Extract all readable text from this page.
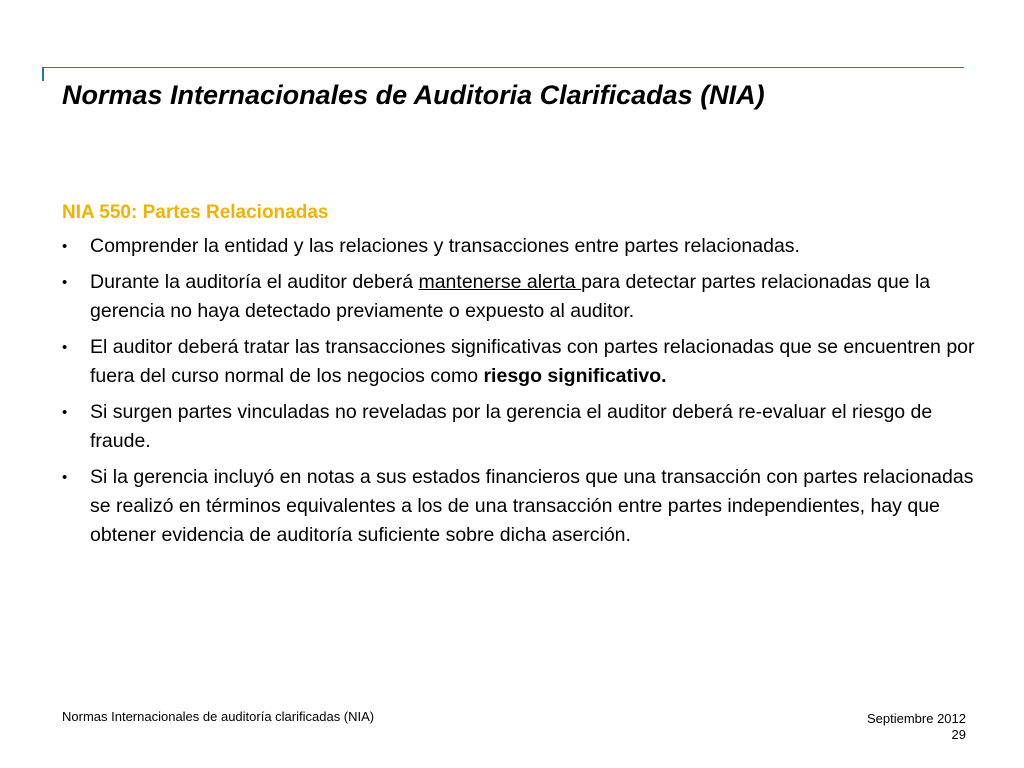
Normas Internacionales de Auditoria Clarificadas (NIA)
NIA 550: Partes Relacionadas
•	Comprender la entidad y las relaciones y transacciones entre partes relacionadas.
•	Durante la auditoría el auditor deberá mantenerse alerta para detectar partes relacionadas que la gerencia no haya detectado previamente o expuesto al auditor.
•	El auditor deberá tratar las transacciones significativas con partes relacionadas que se encuentren por fuera del curso normal de los negocios como riesgo significativo.
•	Si surgen partes vinculadas no reveladas por la gerencia el auditor deberá re-evaluar el riesgo de fraude.
•	Si la gerencia incluyó en notas a sus estados financieros que una transacción con partes relacionadas se realizó en términos equivalentes a los de una transacción entre partes independientes, hay que obtener evidencia de auditoría suficiente sobre dicha aserción.
Normas Internacionales de auditoría clarificadas (NIA)	Septiembre 2012
29
